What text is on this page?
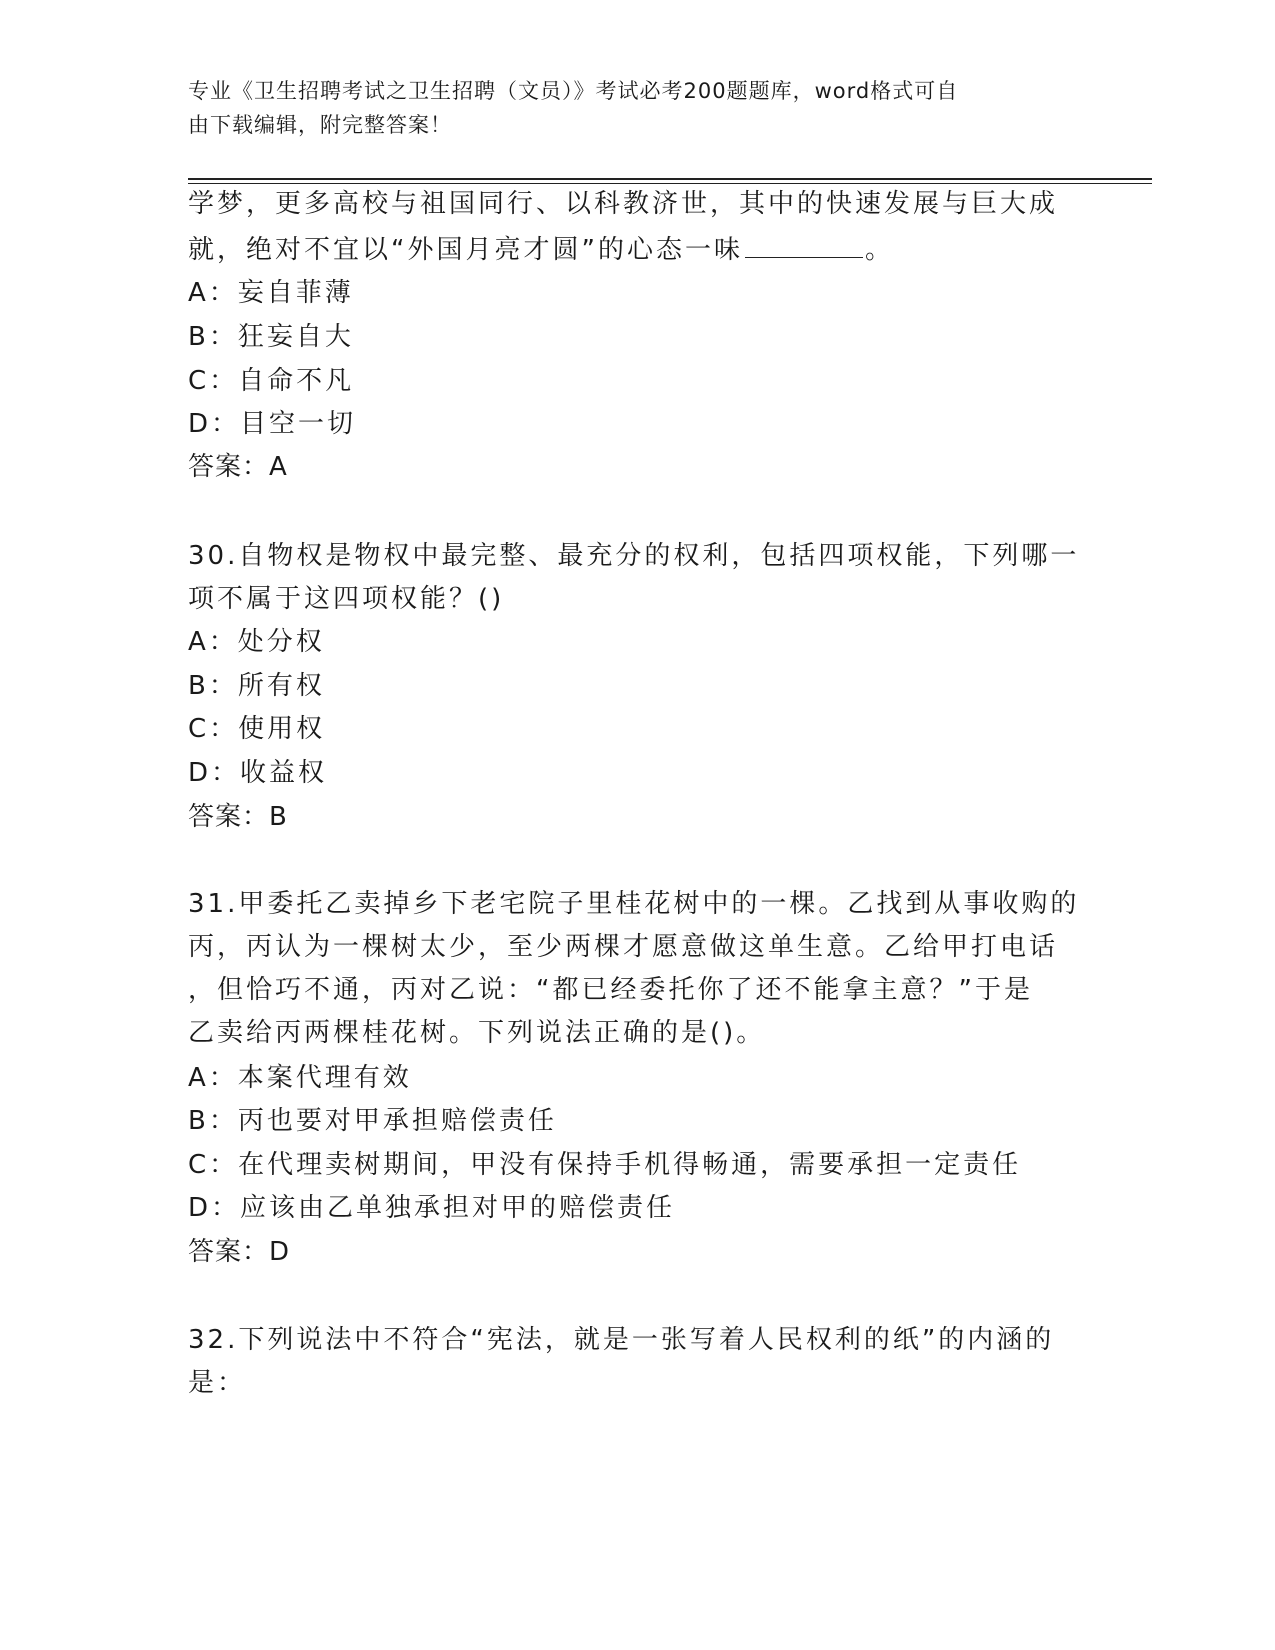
专业《卫生招聘考试之卫生招聘（文员）》考试必考200题题库，word格式可自
由下载编辑，附完整答案！
学梦，更多高校与祖国同行、以科教济世，其中的快速发展与巨大成
就，绝对不宜以“外国月亮才圆”的心态一味	。
A：妄自菲薄
B：狂妄自大
C：自命不凡
D：目空一切
答案：A
30.自物权是物权中最完整、最充分的权利，包括四项权能，下列哪一
项不属于这四项权能？()
A：处分权
B：所有权
C：使用权
D：收益权
答案：B
31.甲委托乙卖掉乡下老宅院子里桂花树中的一棵。乙找到从事收购的
丙，丙认为一棵树太少，至少两棵才愿意做这单生意。乙给甲打电话
，但恰巧不通，丙对乙说：“都已经委托你了还不能拿主意？”于是
乙卖给丙两棵桂花树。下列说法正确的是()。
A：本案代理有效
B：丙也要对甲承担赔偿责任
C：在代理卖树期间，甲没有保持手机得畅通，需要承担一定责任
D：应该由乙单独承担对甲的赔偿责任
答案：D
32.下列说法中不符合“宪法，就是一张写着人民权利的纸”的内涵的
是：
